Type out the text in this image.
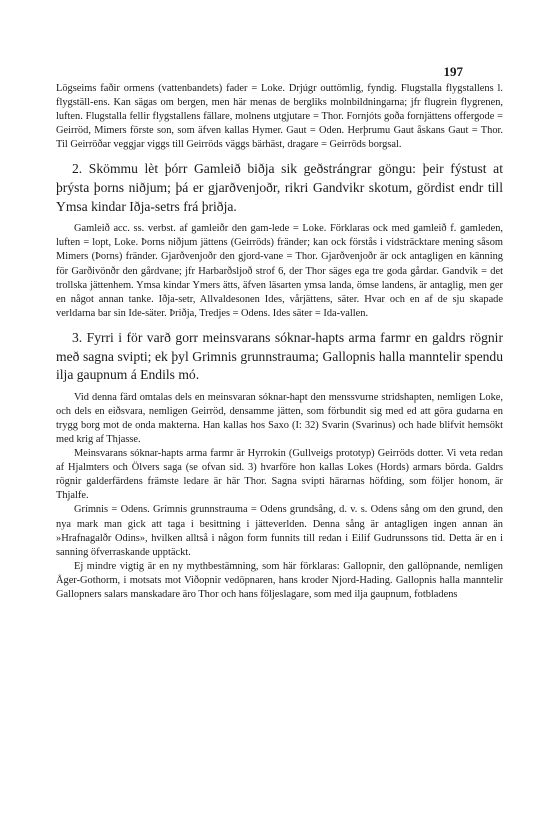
197

Lögseims faðir ormens (vattenbandets) fader = Loke. Drjúgr outtömlig, fyndig. Flugstalla flygstallens l. flygställ-ens. Kan sägas om bergen, men här menas de bergliks molnbildningarna; jfr flugrein flygrenen, luften. Flugstalla fellir flygstallens fällare, molnens utgjutare = Thor. Fornjóts goða fornjättens offergode = Geirröd, Mimers förste son, som äfven kallas Hymer. Gaut = Oden. Herþrumu Gaut åskans Gaut = Thor. Til Geirröðar veggjar viggs till Geirröds väggs bärhäst, dragare = Geirröds borgsal.

2. Skömmu lèt þórr Gamleið biðja sik geðstrángrar göngu: þeir fýstust at þrýsta þorns niðjum; þá er gjarðvenjoðr, rikri Gandvikr skotum, gördist endr till Ymsa kindar Iðja-setrs frá þriðja.

Gamleið acc. ss. verbst. af gamleiðr den gam-lede = Loke. Förklaras ock med gamleið f. gamleden, luften = lopt, Loke. Þorns niðjum jättens (Geirröds) fränder; kan ock förstås i vidsträcktare mening såsom Mimers (Þorns) fränder. Gjarðvenjoðr den gjord-vane = Thor. Gjarðvenjoðr är ock antagligen en känning för Garðivönðr den gårdvane; jfr Harbarðsljoð strof 6, der Thor säges ega tre goda gårdar. Gandvik = det trollska jättenhem. Ymsa kindar Ymers ätts, äfven läsarten ymsa landa, ömse landens, är antaglig, men ger en något annan tanke. Iðja-setr, Allvaldesonen Ides, vårjättens, säter. Hvar och en af de sju skapade verldarna bar sin Ide-säter. Þriðja, Tredjes = Odens. Ides säter = Ida-vallen.

3. Fyrri i för varð gorr meinsvarans sóknar-hapts arma farmr en galdrs rögnir með sagna svipti; ek þyl Grimnis grunnstrauma; Gallopnis halla manntelir spendu ilja gaupnum á Endils mó.

Vid denna färd omtalas dels en meinsvaran sóknar-hapt den menssvurne stridshapten, nemligen Loke, och dels en eiðsvara, nemligen Geirröd, densamme jätten, som förbundit sig med ed att göra gudarna en trygg borg mot de onda makterna. Han kallas hos Saxo (I: 32) Svarin (Svarinus) och hade blifvit hemsökt med krig af Thjasse.

Meinsvarans sóknar-hapts arma farmr är Hyrrokin (Gullveigs prototyp) Geirröds dotter. Vi veta redan af Hjalmters och Ölvers saga (se ofvan sid. 3) hvarföre hon kallas Lokes (Hords) armars börda. Galdrs rögnir galderfärdens främste ledare är här Thor. Sagna svipti härarnas höfding, som följer honom, är Thjalfe.

Grímnis = Odens. Grímnis grunnstrauma = Odens grundsång, d. v. s. Odens sång om den grund, den nya mark man gick att taga i besittning i jätteverlden. Denna sång är antagligen ingen annan än »Hrafnagalðr Odins», hvilken alltså i någon form funnits till redan i Eilif Gudrunssons tid. Detta är en i sanning öfverraskande upptäckt.

Ej mindre vigtig är en ny mythbestämning, som här förklaras: Gallopnir, den gallöpnande, nemligen Åger-Gothorm, i motsats mot Viðopnir vedöpnaren, hans kroder Njord-Hading. Gallopnis halla manntelir Gallopners salars manskadare äro Thor och hans följeslagare, som med ilja gaupnum, fotbladens
